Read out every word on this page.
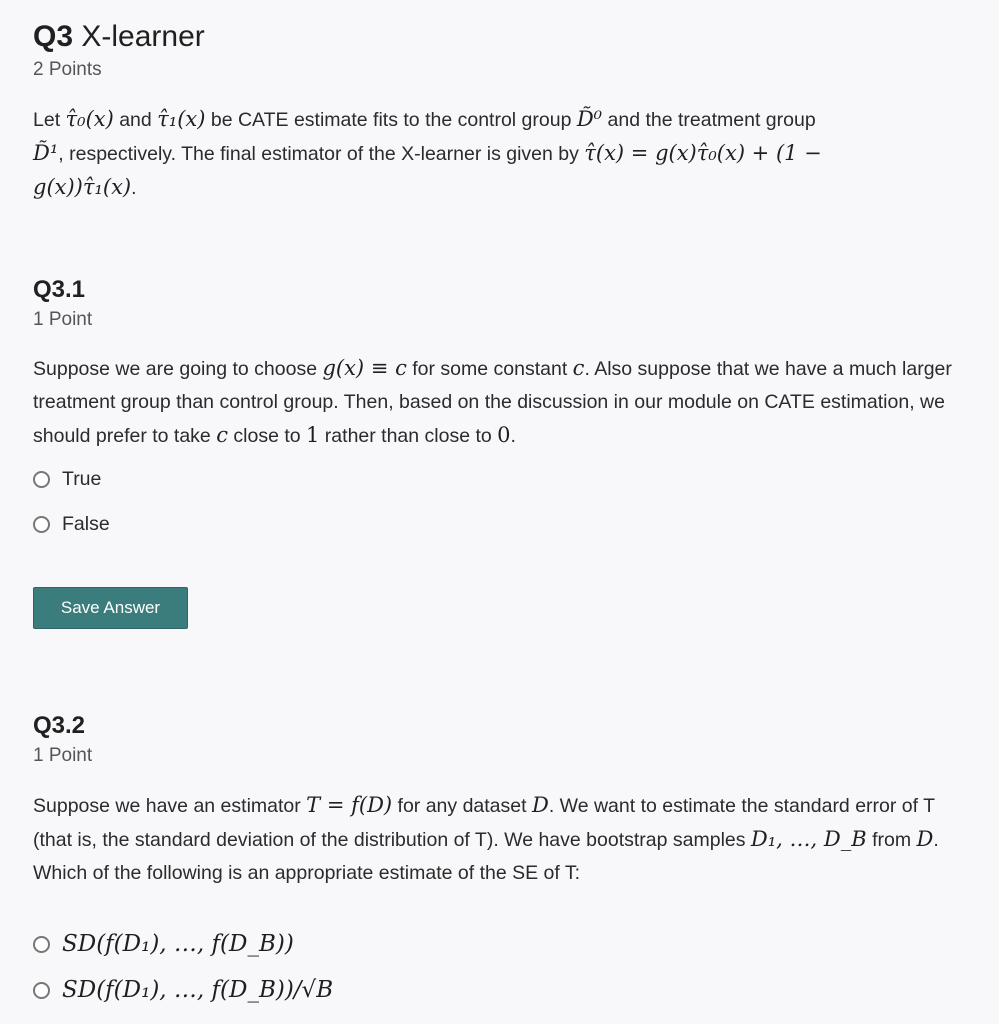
Q3 X-learner
2 Points
Let τ̂₀(x) and τ̂₁(x) be CATE estimate fits to the control group D̃⁰ and the treatment group
D̃¹, respectively. The final estimator of the X-learner is given by τ̂(x) = g(x)τ̂₀(x) + (1 −
g(x))τ̂₁(x).
Q3.1
1 Point
Suppose we are going to choose g(x) ≡ c for some constant c. Also suppose that we have a much larger treatment group than control group. Then, based on the discussion in our module on CATE estimation, we should prefer to take c close to 1 rather than close to 0.
True
False
Save Answer
Q3.2
1 Point
Suppose we have an estimator T = f(D) for any dataset D. We want to estimate the standard error of T (that is, the standard deviation of the distribution of T). We have bootstrap samples D₁, …, D_B from D. Which of the following is an appropriate estimate of the SE of T:
SD(f(D₁), …, f(D_B))
SD(f(D₁), …, f(D_B))/√B
